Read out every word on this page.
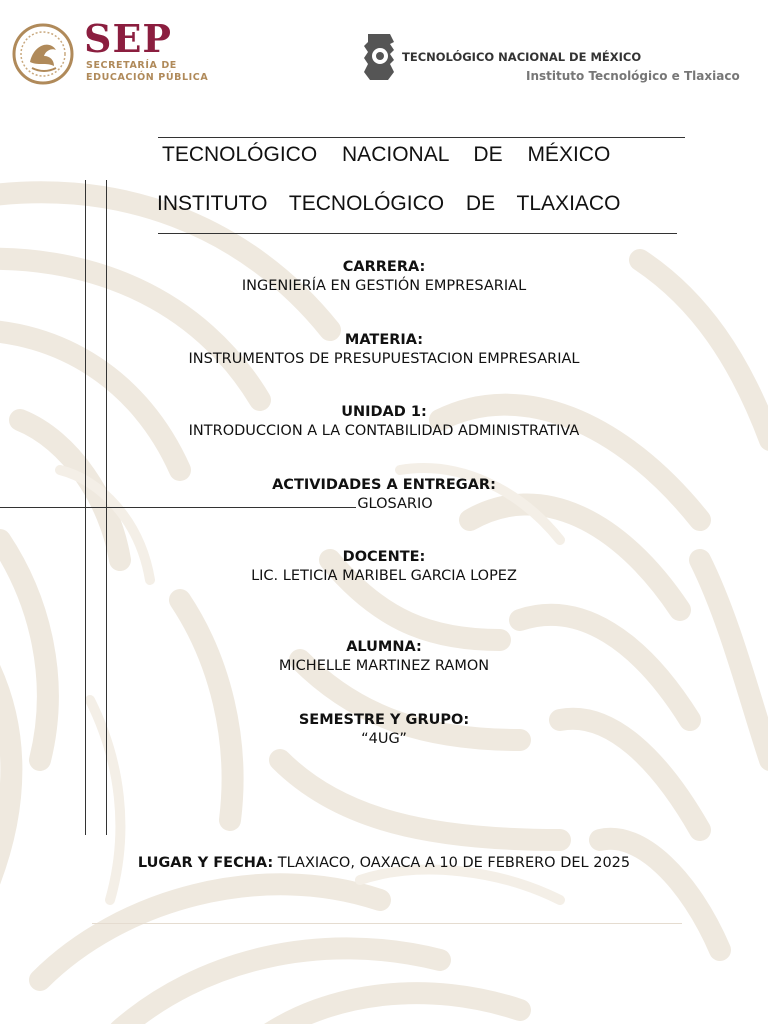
SEP
SECRETARÍA DE
EDUCACIÓN PÚBLICA
TECNOLÓGICO NACIONAL DE MÉXICO
Instituto Tecnológico e Tlaxiaco
TECNOLÓGICO NACIONAL DE MÉXICO
INSTITUTO TECNOLÓGICO DE TLAXIACO
CARRERA:
INGENIERÍA EN GESTIÓN EMPRESARIAL
MATERIA:
INSTRUMENTOS DE PRESUPUESTACION EMPRESARIAL
UNIDAD 1:
INTRODUCCION A LA CONTABILIDAD ADMINISTRATIVA
ACTIVIDADES A ENTREGAR:
GLOSARIO
DOCENTE:
LIC. LETICIA MARIBEL GARCIA LOPEZ
ALUMNA:
MICHELLE MARTINEZ RAMON
SEMESTRE Y GRUPO:
“4UG”
LUGAR Y FECHA: TLAXIACO, OAXACA A 10 DE FEBRERO DEL 2025
